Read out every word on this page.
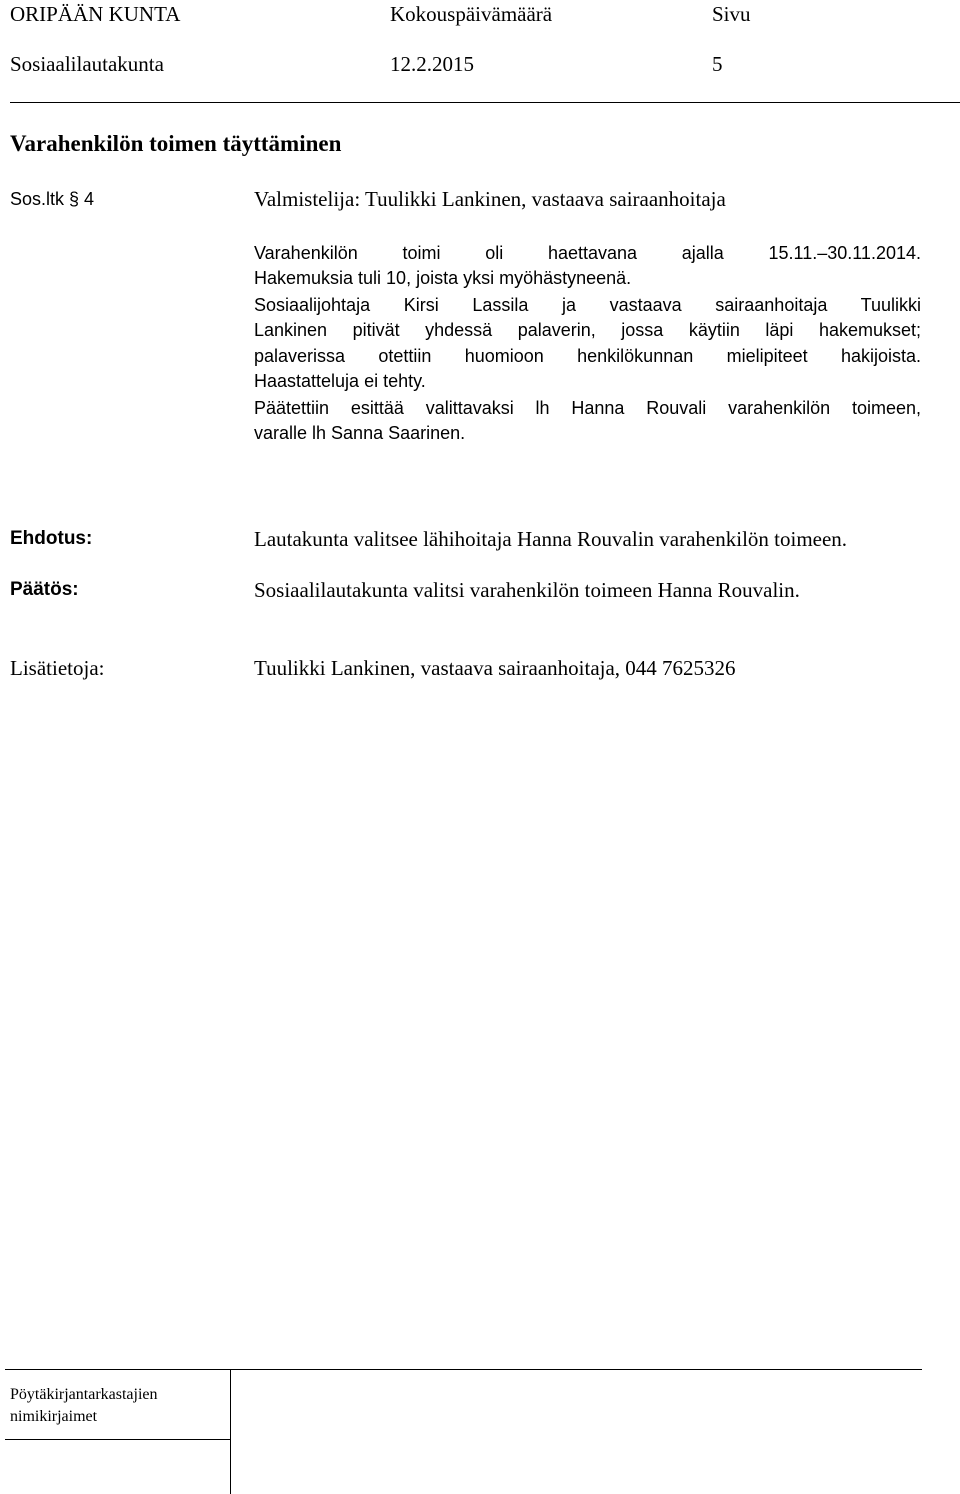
ORIPÄÄN KUNTA	Kokouspäivämäärä	Sivu
Sosiaalilautakunta	12.2.2015	5
Varahenkilön toimen täyttäminen
Sos.ltk § 4	Valmistelija: Tuulikki Lankinen, vastaava sairaanhoitaja
Varahenkilön toimi oli haettavana ajalla 15.11.–30.11.2014.
Hakemuksia tuli 10, joista yksi myöhästyneenä.
Sosiaalijohtaja Kirsi Lassila ja vastaava sairaanhoitaja Tuulikki
Lankinen pitivät yhdessä palaverin, jossa käytiin läpi hakemukset;
palaverissa otettiin huomioon henkilökunnan mielipiteet hakijoista.
Haastatteluja ei tehty.
Päätettiin esittää valittavaksi lh Hanna Rouvali varahenkilön toimeen,
varalle lh Sanna Saarinen.
Ehdotus:	Lautakunta valitsee lähihoitaja Hanna Rouvalin varahenkilön toimeen.
Päätös:	Sosiaalilautakunta valitsi varahenkilön toimeen Hanna Rouvalin.
Lisätietoja:	Tuulikki Lankinen, vastaava sairaanhoitaja, 044 7625326
Pöytäkirjantarkastajien
nimikirjaimet
